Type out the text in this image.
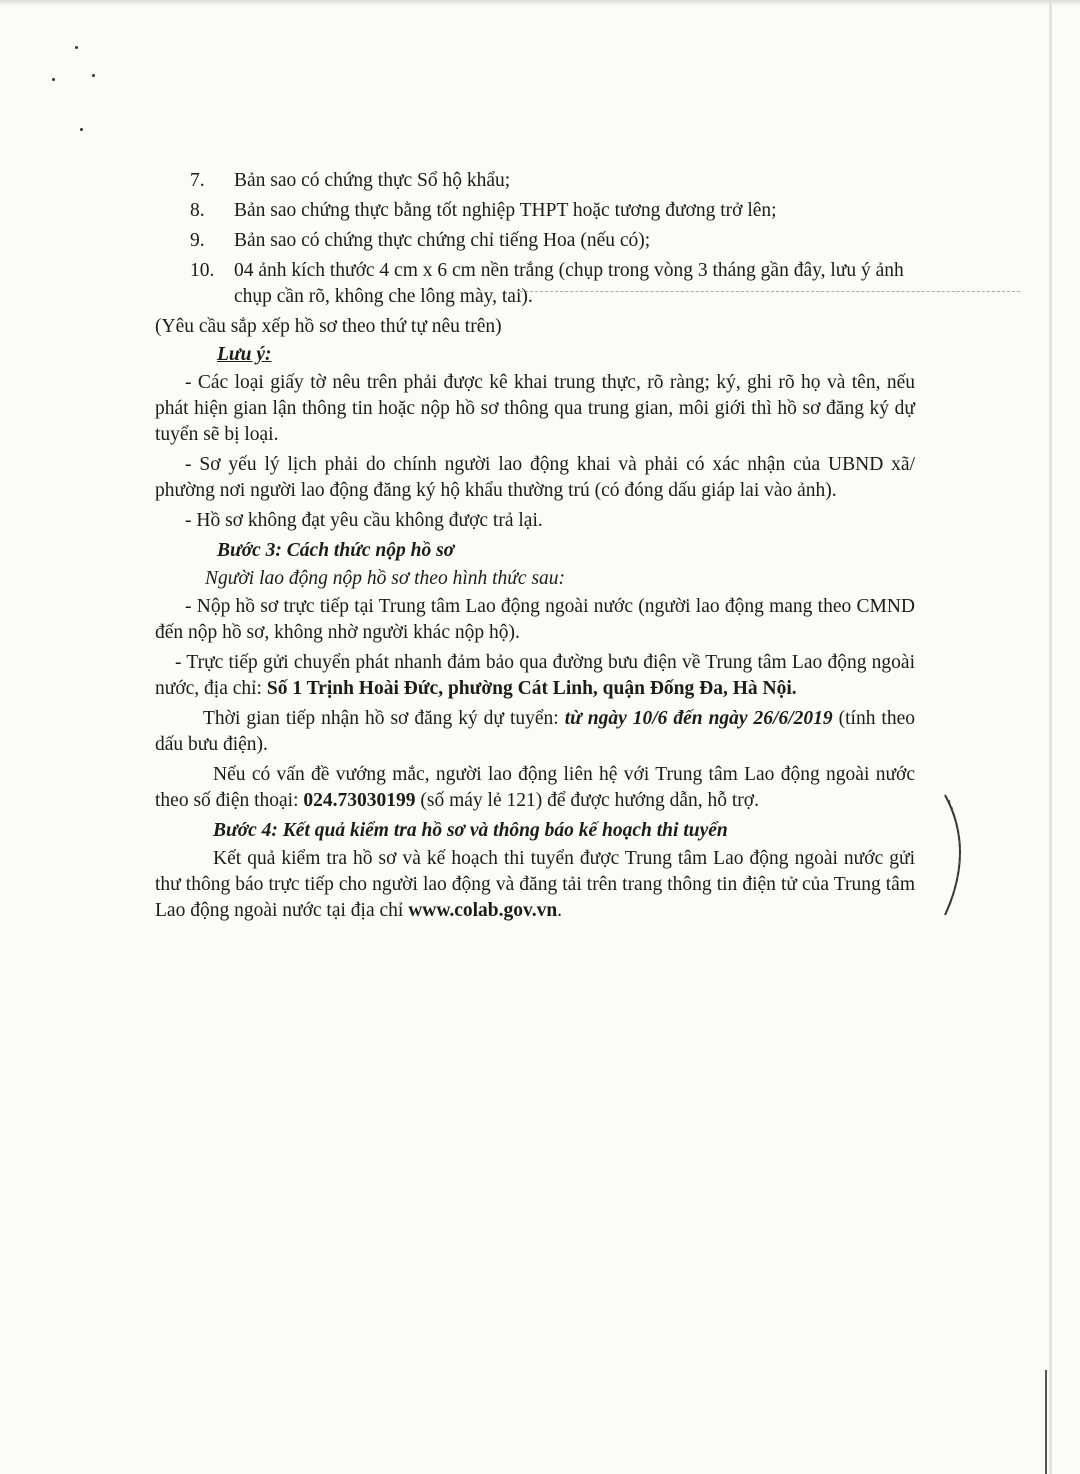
7.	Bản sao có chứng thực Sổ hộ khẩu;
8.	Bản sao chứng thực bằng tốt nghiệp THPT hoặc tương đương trở lên;
9.	Bản sao có chứng thực chứng chỉ tiếng Hoa (nếu có);
10.	04 ảnh kích thước 4 cm x 6 cm nền trắng (chụp trong vòng 3 tháng gần đây, lưu ý ảnh chụp cần rõ, không che lông mày, tai).

(Yêu cầu sắp xếp hồ sơ theo thứ tự nêu trên)

Lưu ý:

- Các loại giấy tờ nêu trên phải được kê khai trung thực, rõ ràng; ký, ghi rõ họ và tên, nếu phát hiện gian lận thông tin hoặc nộp hồ sơ thông qua trung gian, môi giới thì hồ sơ đăng ký dự tuyển sẽ bị loại.

- Sơ yếu lý lịch phải do chính người lao động khai và phải có xác nhận của UBND xã/ phường nơi người lao động đăng ký hộ khẩu thường trú (có đóng dấu giáp lai vào ảnh).

- Hồ sơ không đạt yêu cầu không được trả lại.

Bước 3: Cách thức nộp hồ sơ

Người lao động nộp hồ sơ theo hình thức sau:

- Nộp hồ sơ trực tiếp tại Trung tâm Lao động ngoài nước (người lao động mang theo CMND đến nộp hồ sơ, không nhờ người khác nộp hộ).

- Trực tiếp gửi chuyển phát nhanh đảm bảo qua đường bưu điện về Trung tâm Lao động ngoài nước, địa chỉ: Số 1 Trịnh Hoài Đức, phường Cát Linh, quận Đống Đa, Hà Nội.

Thời gian tiếp nhận hồ sơ đăng ký dự tuyển: từ ngày 10/6 đến ngày 26/6/2019 (tính theo dấu bưu điện).

Nếu có vấn đề vướng mắc, người lao động liên hệ với Trung tâm Lao động ngoài nước theo số điện thoại: 024.73030199 (số máy lẻ 121) để được hướng dẫn, hỗ trợ.

Bước 4: Kết quả kiểm tra hồ sơ và thông báo kế hoạch thi tuyển

Kết quả kiểm tra hồ sơ và kế hoạch thi tuyển được Trung tâm Lao động ngoài nước gửi thư thông báo trực tiếp cho người lao động và đăng tải trên trang thông tin điện tử của Trung tâm Lao động ngoài nước tại địa chỉ www.colab.gov.vn.
